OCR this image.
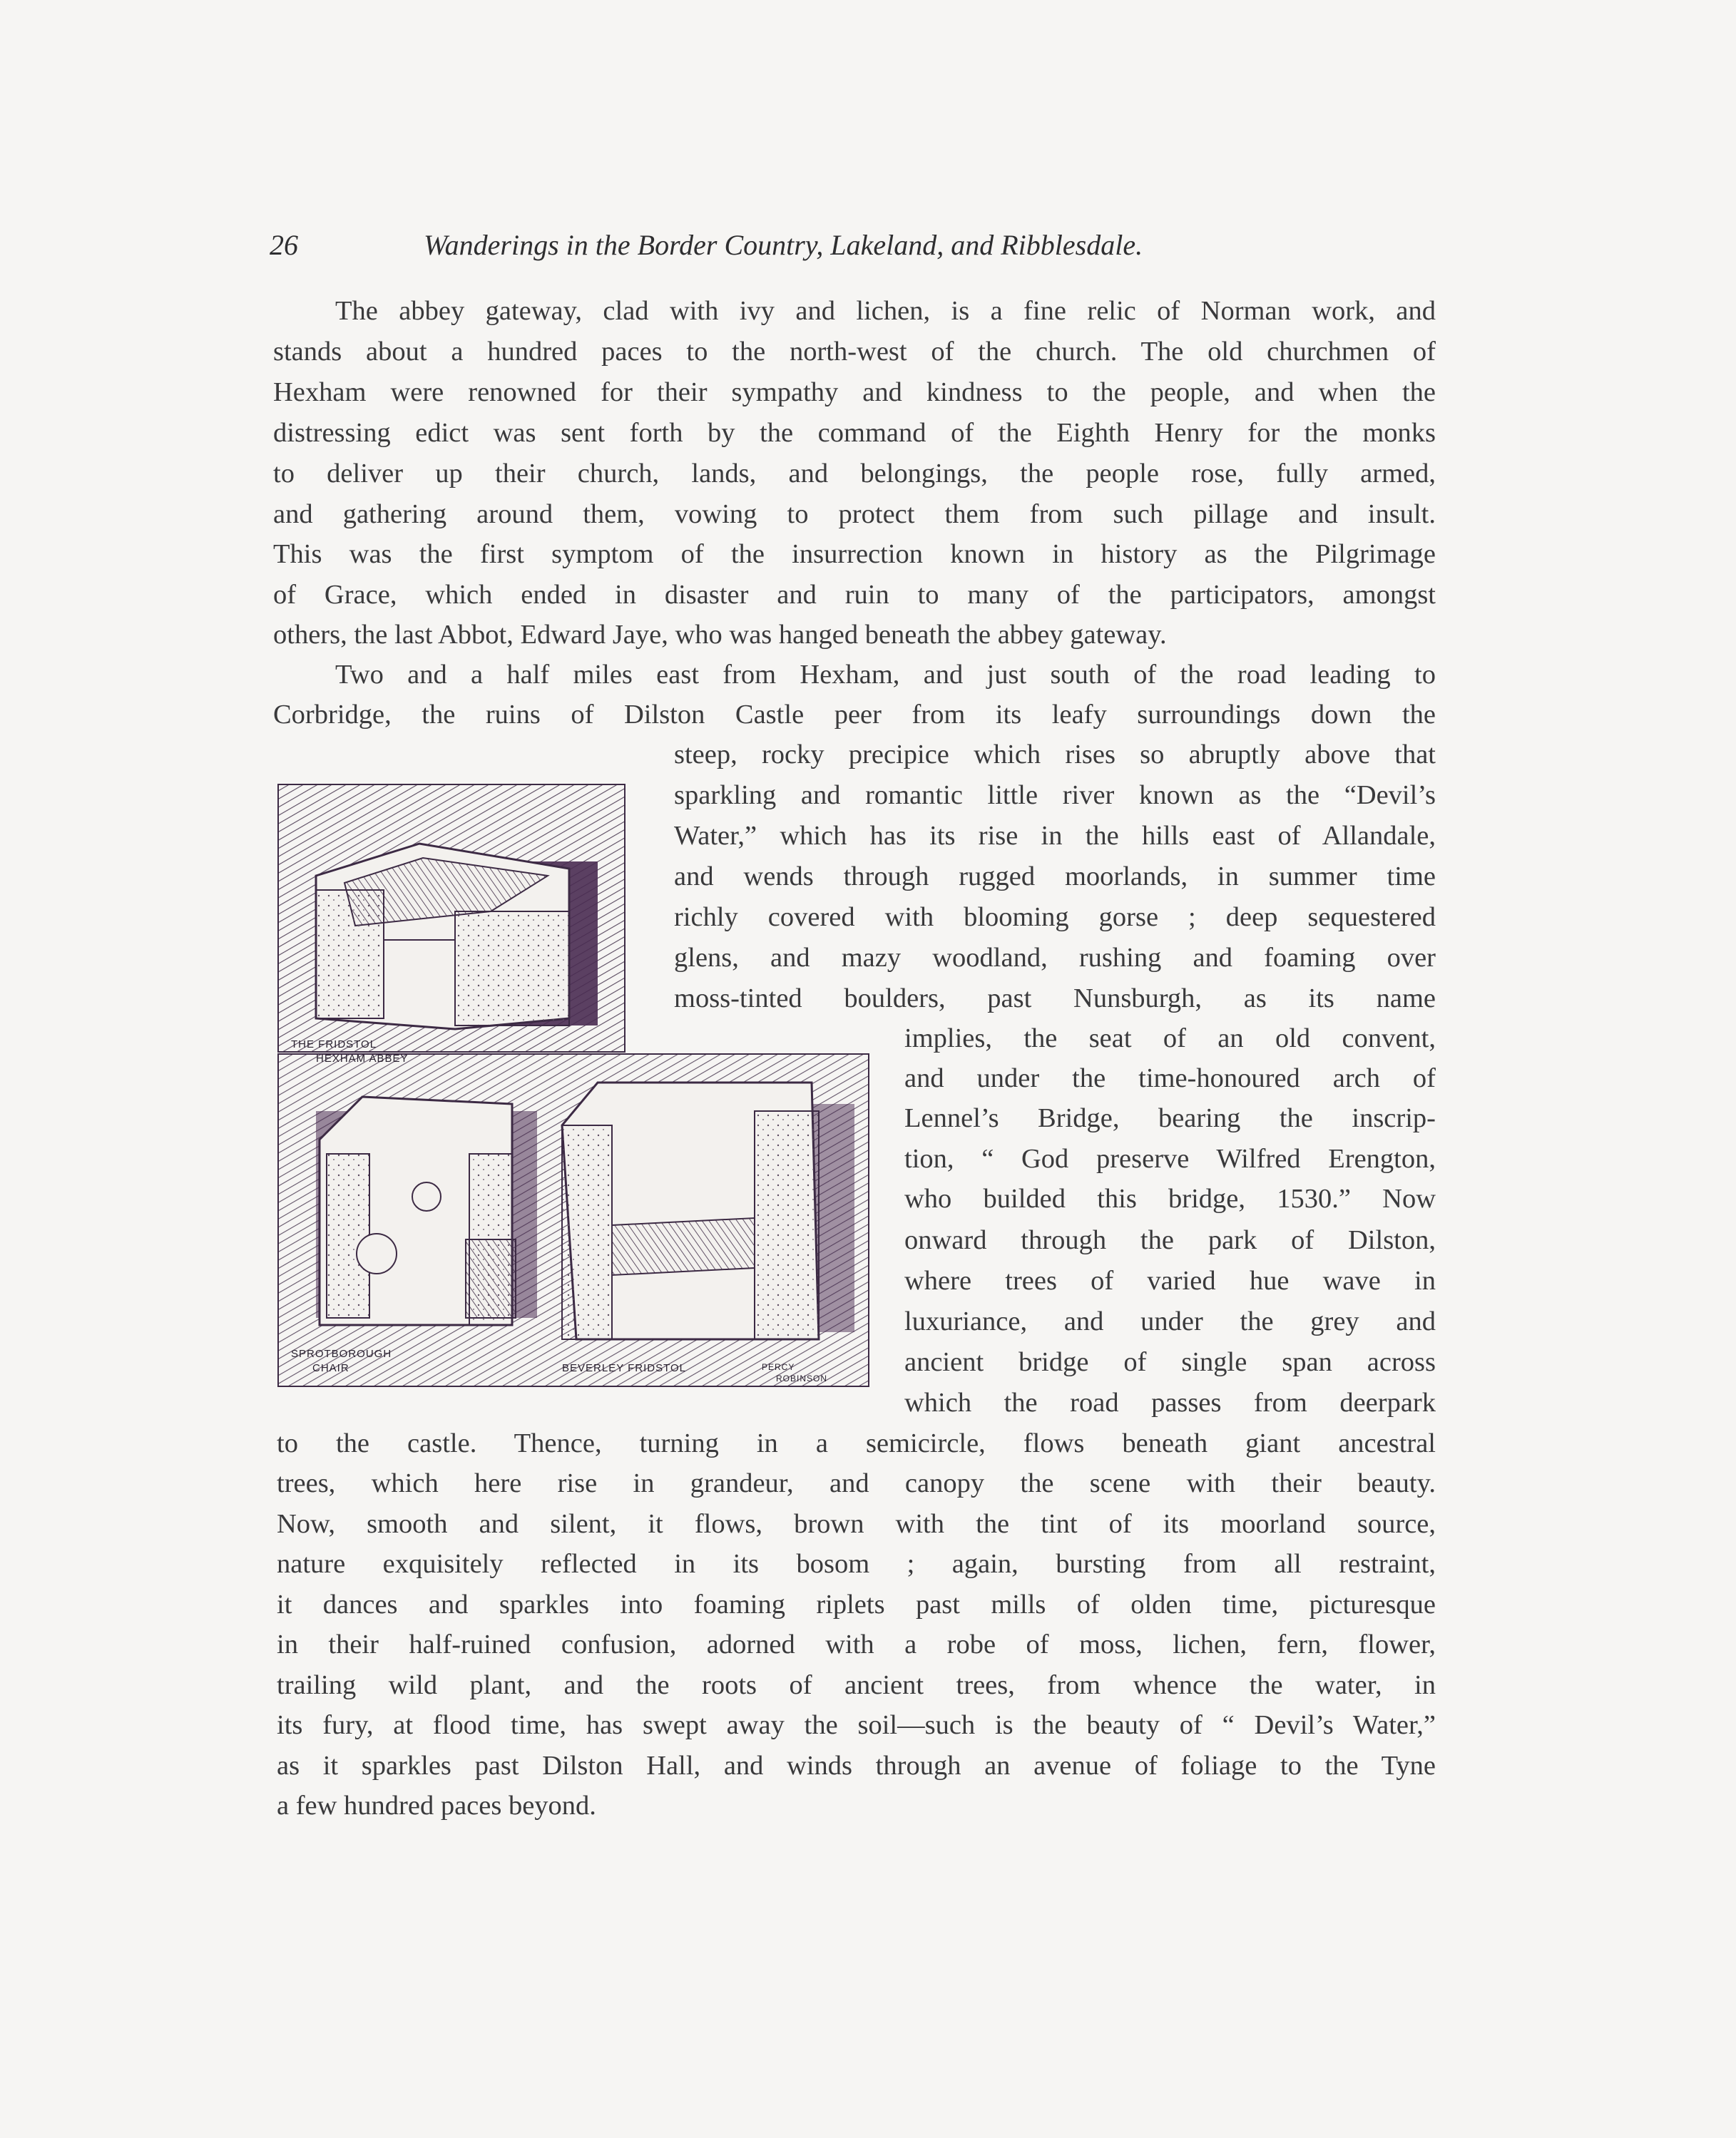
26	Wanderings in the Border Country, Lakeland, and Ribblesdale.
The abbey gateway, clad with ivy and lichen, is a fine relic of Norman work, and
stands about a hundred paces to the north-west of the church. The old churchmen of
Hexham were renowned for their sympathy and kindness to the people, and when the
distressing edict was sent forth by the command of the Eighth Henry for the monks
to deliver up their church, lands, and belongings, the people rose, fully armed,
and gathering around them, vowing to protect them from such pillage and insult.
This was the first symptom of the insurrection known in history as the Pilgrimage
of Grace, which ended in disaster and ruin to many of the participators, amongst
others, the last Abbot, Edward Jaye, who was hanged beneath the abbey gateway.
Two and a half miles east from Hexham, and just south of the road leading to
Corbridge, the ruins of Dilston Castle peer from its leafy surroundings down the
steep, rocky precipice which rises so abruptly above that
sparkling and romantic little river known as the “Devil’s
Water,” which has its rise in the hills east of Allandale,
and wends through rugged moorlands, in summer time
richly covered with blooming gorse ; deep sequestered
glens, and mazy woodland, rushing and foaming over
moss-tinted boulders, past Nunsburgh, as its name
implies, the seat of an old convent,
and under the time-honoured arch of
Lennel’s Bridge, bearing the inscrip-
tion, “ God preserve Wilfred Erengton,
who builded this bridge, 1530.” Now
onward through the park of Dilston,
where trees of varied hue wave in
luxuriance, and under the grey and
ancient bridge of single span across
which the road passes from deerpark
to the castle. Thence, turning in a semicircle, flows beneath giant ancestral
trees, which here rise in grandeur, and canopy the scene with their beauty.
Now, smooth and silent, it flows, brown with the tint of its moorland source,
nature exquisitely reflected in its bosom ; again, bursting from all restraint,
it dances and sparkles into foaming riplets past mills of olden time, picturesque
in their half-ruined confusion, adorned with a robe of moss, lichen, fern, flower,
trailing wild plant, and the roots of ancient trees, from whence the water, in
its fury, at flood time, has swept away the soil—such is the beauty of “ Devil’s Water,”
as it sparkles past Dilston Hall, and winds through an avenue of foliage to the Tyne
a few hundred paces beyond.
THE FRIDSTOL
HEXHAM ABBEY
SPROTBOROUGH
CHAIR	BEVERLEY FRIDSTOL	PERCY
ROBINSON
